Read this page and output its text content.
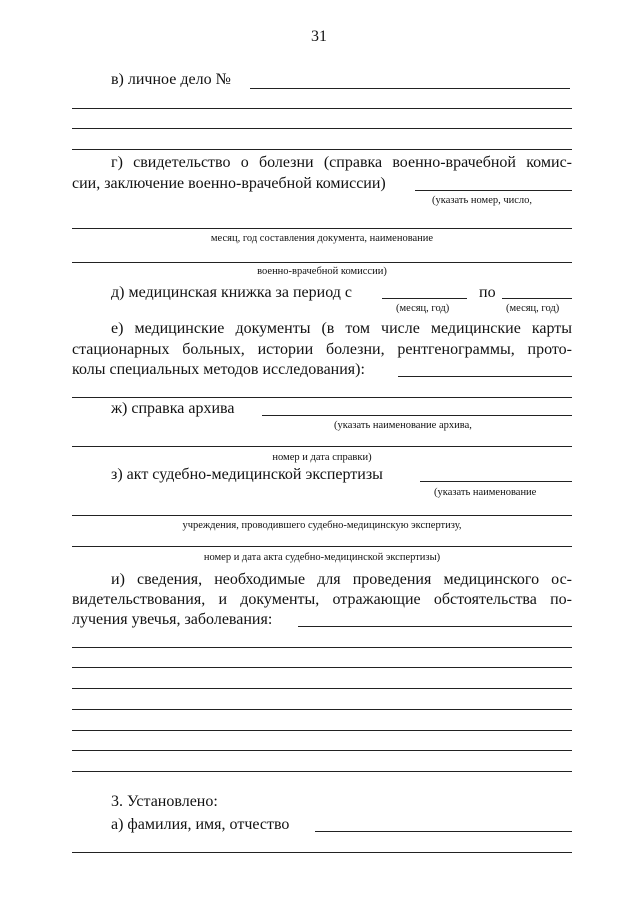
31
в) личное дело №
г) свидетельство о болезни (справка военно-врачебной комис-
сии, заключение военно-врачебной комиссии)
(указать номер, число,
месяц, год составления документа, наименование
военно-врачебной комиссии)
д) медицинская книжка за период с	по
(месяц, год)	(месяц, год)
е) медицинские документы (в том числе медицинские карты
стационарных больных, истории болезни, рентгенограммы, прото-
колы специальных методов исследования):
ж) справка архива
(указать наименование архива,
номер и дата справки)
з) акт судебно-медицинской экспертизы
(указать наименование
учреждения, проводившего судебно-медицинскую экспертизу,
номер и дата акта судебно-медицинской экспертизы)
и) сведения, необходимые для проведения медицинского ос-
видетельствования, и документы, отражающие обстоятельства по-
лучения увечья, заболевания:
3. Установлено:
а) фамилия, имя, отчество
